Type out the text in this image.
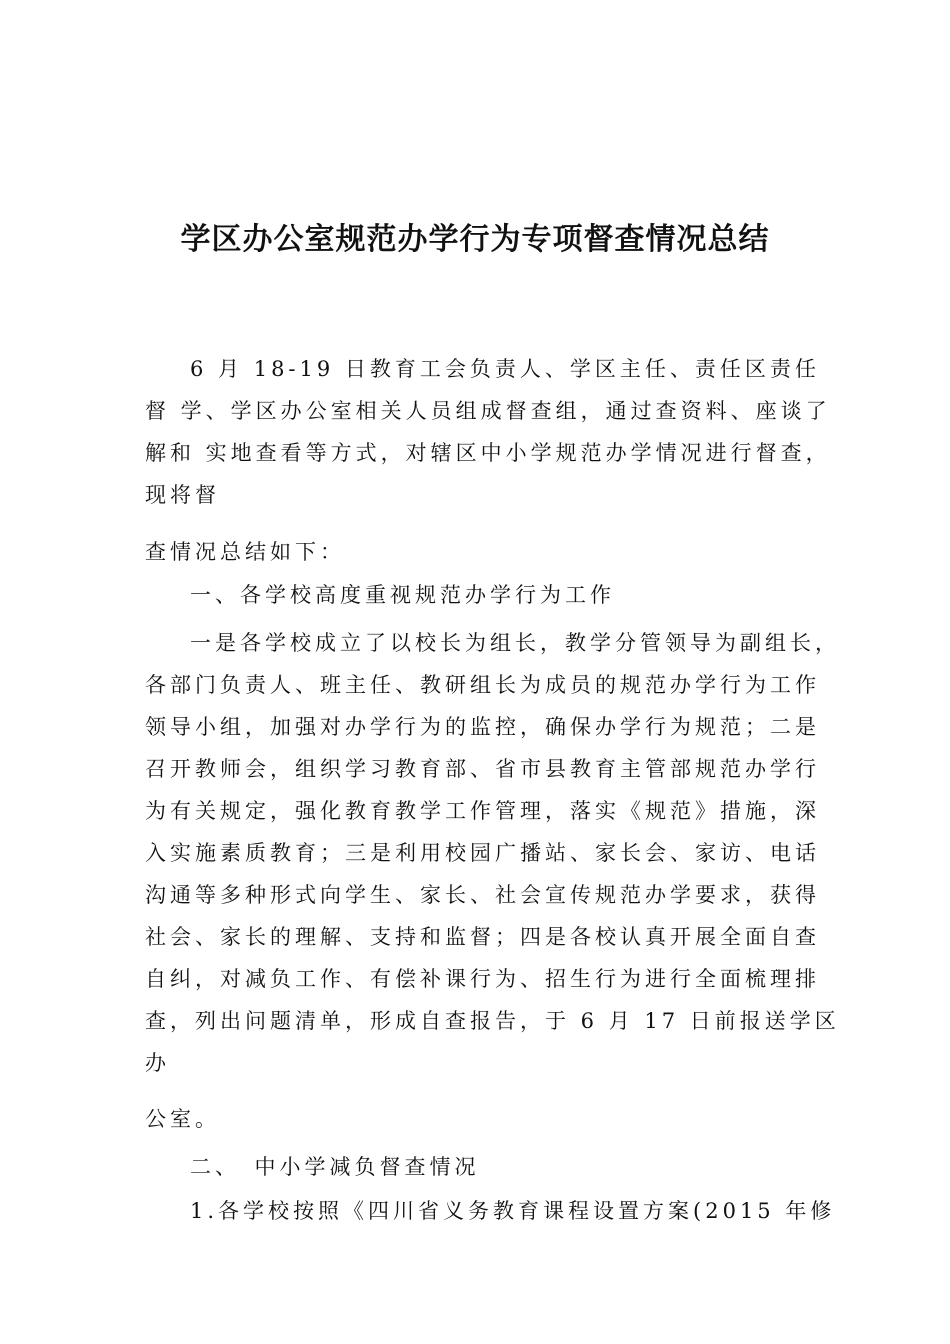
学区办公室规范办学行为专项督查情况总结
6 月 18-19 日教育工会负责人、学区主任、责任区责任
督 学、学区办公室相关人员组成督查组，通过查资料、座谈了
解和 实地查看等方式，对辖区中小学规范办学情况进行督查，
现将督
查情况总结如下：
一、各学校高度重视规范办学行为工作
一是各学校成立了以校长为组长，教学分管领导为副组长，
各部门负责人、班主任、教研组长为成员的规范办学行为工作
领导小组，加强对办学行为的监控，确保办学行为规范；二是
召开教师会，组织学习教育部、省市县教育主管部规范办学行
为有关规定，强化教育教学工作管理，落实《规范》措施，深
入实施素质教育；三是利用校园广播站、家长会、家访、电话
沟通等多种形式向学生、家长、社会宣传规范办学要求，获得
社会、家长的理解、支持和监督；四是各校认真开展全面自查
自纠，对减负工作、有偿补课行为、招生行为进行全面梳理排
查，列出问题清单，形成自查报告，于 6 月 17 日前报送学区
办
公室。
二、　中小学减负督查情况
1.各学校按照《四川省义务教育课程设置方案(2015 年修
